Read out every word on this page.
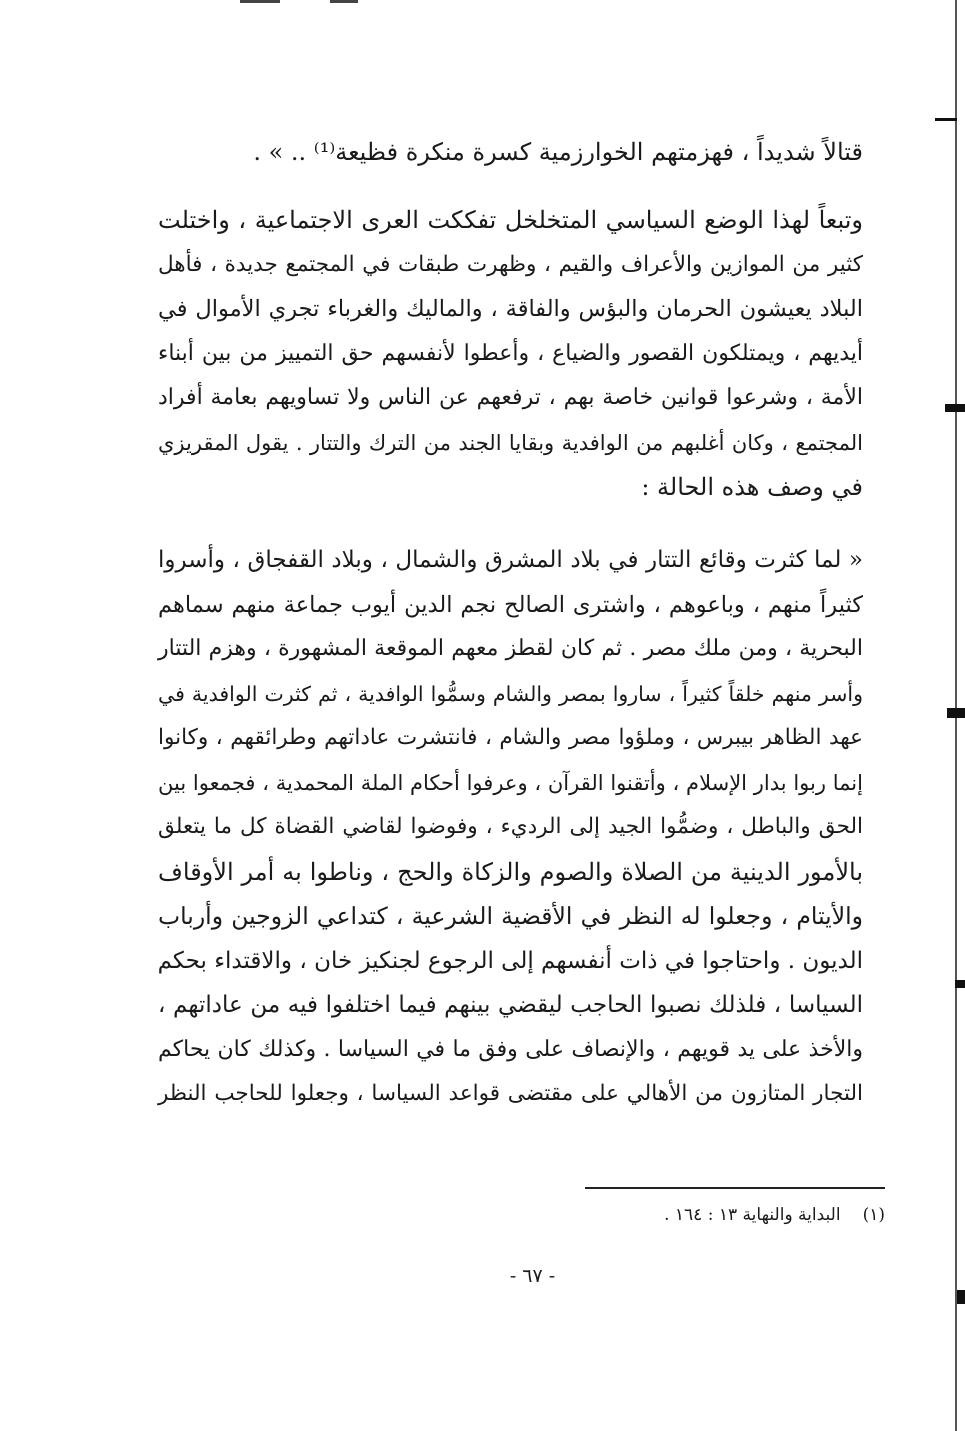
قتالاً شديداً ، فهزمتهم الخوارزمية كسرة منكرة فظيعة⁽¹⁾ .. » .
وتبعاً لهذا الوضع السياسي المتخلخل تفككت العرى الاجتماعية ، واختلت
كثير من الموازين والأعراف والقيم ، وظهرت طبقات في المجتمع جديدة ، فأهل
البلاد يعيشون الحرمان والبؤس والفاقة ، والماليك والغرباء تجري الأموال في
أيديهم ، ويمتلكون القصور والضياع ، وأعطوا لأنفسهم حق التمييز من بين أبناء
الأمة ، وشرعوا قوانين خاصة بهم ، ترفعهم عن الناس ولا تساويهم بعامة أفراد
المجتمع ، وكان أغلبهم من الوافدية وبقايا الجند من الترك والتتار . يقول المقريزي
في وصف هذه الحالة :
« لما كثرت وقائع التتار في بلاد المشرق والشمال ، وبلاد القفجاق ، وأسروا
كثيراً منهم ، وباعوهم ، واشترى الصالح نجم الدين أيوب جماعة منهم سماهم
البحرية ، ومن ملك مصر . ثم كان لقطز معهم الموقعة المشهورة ، وهزم التتار
وأسر منهم خلقاً كثيراً ، ساروا بمصر والشام وسمُّوا الوافدية ، ثم كثرت الوافدية في
عهد الظاهر بيبرس ، وملؤوا مصر والشام ، فانتشرت عاداتهم وطرائقهم ، وكانوا
إنما ربوا بدار الإسلام ، وأتقنوا القرآن ، وعرفوا أحكام الملة المحمدية ، فجمعوا بين
الحق والباطل ، وضمُّوا الجيد إلى الرديء ، وفوضوا لقاضي القضاة كل ما يتعلق
بالأمور الدينية من الصلاة والصوم والزكاة والحج ، وناطوا به أمر الأوقاف
والأيتام ، وجعلوا له النظر في الأقضية الشرعية ، كتداعي الزوجين وأرباب
الديون . واحتاجوا في ذات أنفسهم إلى الرجوع لجنكيز خان ، والاقتداء بحكم
السياسا ، فلذلك نصبوا الحاجب ليقضي بينهم فيما اختلفوا فيه من عاداتهم ،
والأخذ على يد قويهم ، والإنصاف على وفق ما في السياسا . وكذلك كان يحاكم
التجار المتازون من الأهالي على مقتضى قواعد السياسا ، وجعلوا للحاجب النظر
(١)البداية والنهاية ١٣ : ١٦٤ .
- ٦٧ -
